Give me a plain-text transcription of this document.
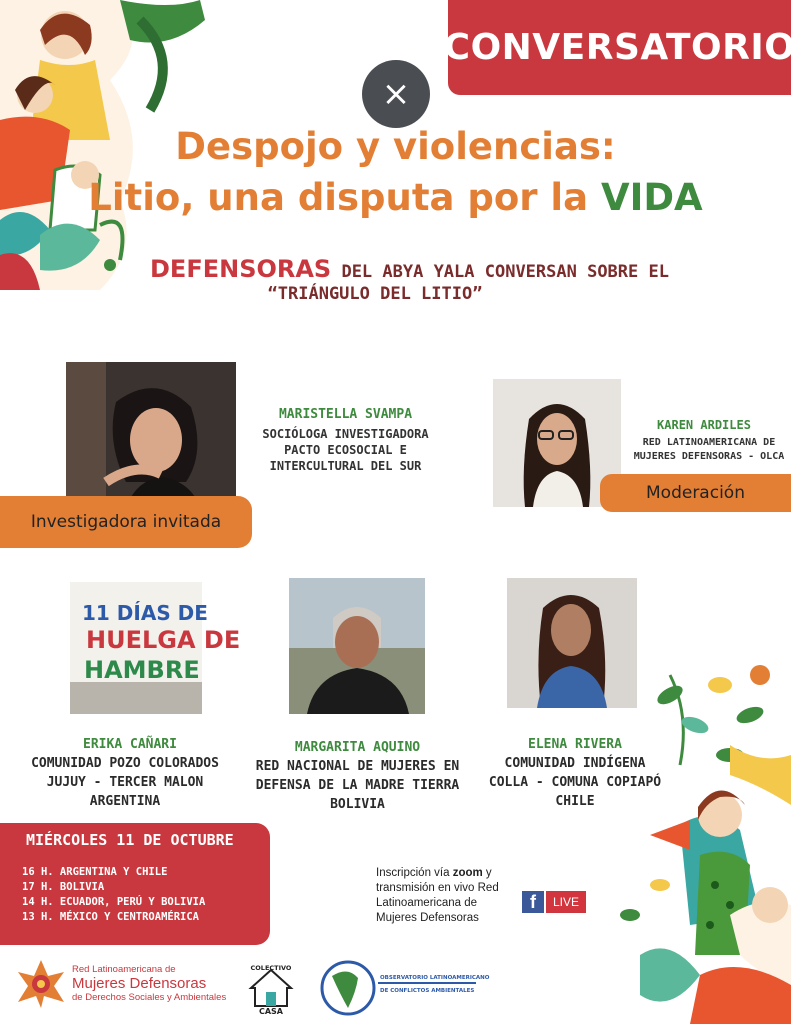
CONVERSATORIO
×
Despojo y violencias:
Litio, una disputa por la VIDA
DEFENSORAS DEL ABYA YALA CONVERSAN SOBRE EL
“TRIÁNGULO DEL LITIO”
Investigadora invitada
MARISTELLA SVAMPA
SOCIÓLOGA INVESTIGADORA
PACTO ECOSOCIAL E
INTERCULTURAL DEL SUR
KAREN ARDILES
RED LATINOAMERICANA DE
MUJERES DEFENSORAS - OLCA
Moderación
11 DÍAS DE
HUELGA DE
HAMBRE
ERIKA CAÑARI
COMUNIDAD POZO COLORADOS
JUJUY - TERCER MALON
ARGENTINA
MARGARITA AQUINO
RED NACIONAL DE MUJERES EN
DEFENSA DE LA MADRE TIERRA
BOLIVIA
ELENA RIVERA
COMUNIDAD INDÍGENA
COLLA - COMUNA COPIAPÓ
CHILE
MIÉRCOLES 11 DE OCTUBRE
16 H. ARGENTINA Y CHILE
17 H. BOLIVIA
14 H. ECUADOR, PERÚ Y BOLIVIA
13 H. MÉXICO Y CENTROAMÉRICA
Inscripción vía zoom y transmisión en vivo Red Latinoamericana de Mujeres Defensoras
f	LIVE
Red Latinoamericana de
Mujeres Defensoras
de Derechos Sociales y Ambientales
COLECTIVO
CASA
OBSERVATORIO LATINOAMERICANO
DE CONFLICTOS AMBIENTALES
